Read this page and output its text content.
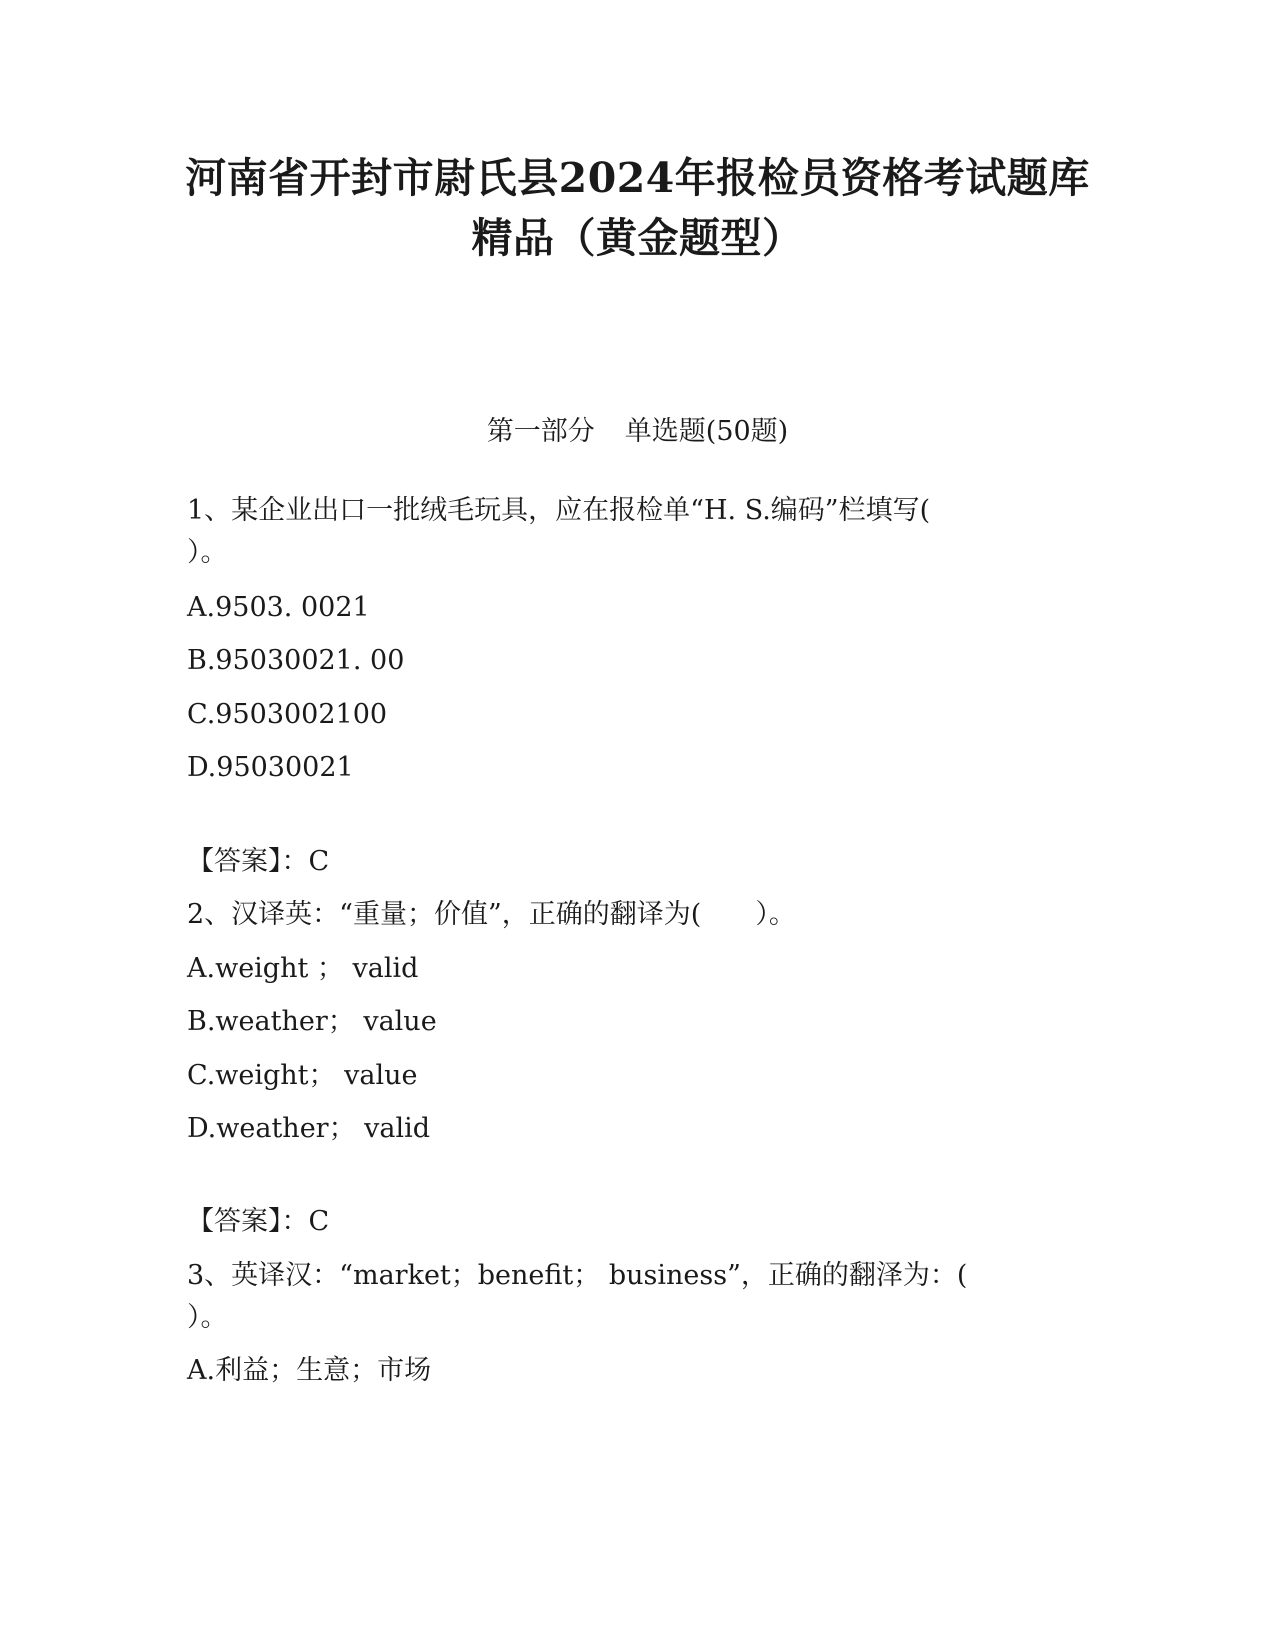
河南省开封市尉氏县2024年报检员资格考试题库
精品（黄金题型）
第一部分 单选题(50题)
1、某企业出口一批绒毛玩具，应在报检单“H. S.编码”栏填写(
）。
A.9503. 0021
B.95030021. 00
C.9503002100
D.95030021
【答案】：C
2、汉译英：“重量；价值”，正确的翻译为(　　）。
A.weight ； valid
B.weather； value
C.weight； value
D.weather； valid
【答案】：C
3、英译汉：“market；benefit； business”，正确的翻泽为：(
）。
A.利益；生意；市场
